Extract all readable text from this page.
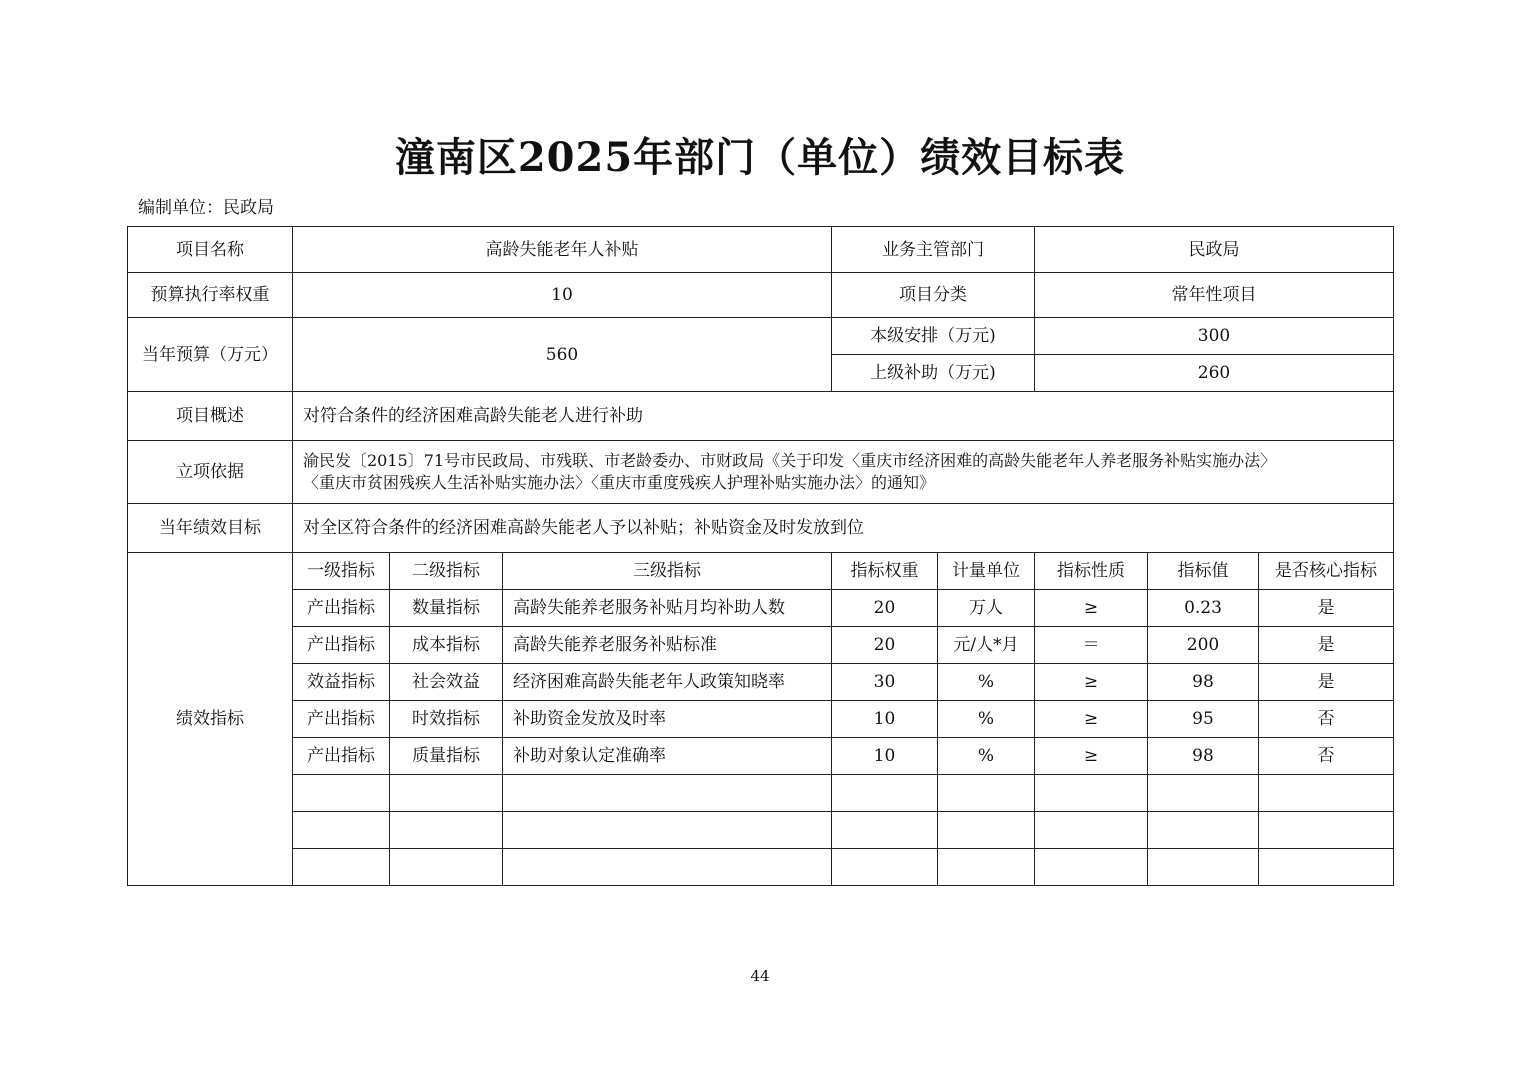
潼南区2025年部门（单位）绩效目标表
编制单位：民政局
项目名称	高龄失能老年人补贴			业务主管部门		民政局		
预算执行率权重	10			项目分类		常年性项目		
当年预算（万元）	560			本级安排（万元)		300		
				上级补助（万元)		260		
项目概述	对符合条件的经济困难高龄失能老人进行补助							
立项依据	渝民发〔2015〕71号市民政局、市残联、市老龄委办、市财政局《关于印发〈重庆市经济困难的高龄失能老年人养老服务补贴实施办法〉
〈重庆市贫困残疾人生活补贴实施办法〉〈重庆市重度残疾人护理补贴实施办法〉的通知》							

当年绩效目标	对全区符合条件的经济困难高龄失能老人予以补贴；补贴资金及时发放到位							
绩效指标	一级指标	二级指标	三级指标	指标权重	计量单位	指标性质	指标值	是否核心指标
	产出指标	数量指标	高龄失能养老服务补贴月均补助人数	20	万人	≥	0.23	是
	产出指标	成本指标	高龄失能养老服务补贴标准	20	元/人*月	＝	200	是
	效益指标	社会效益	经济困难高龄失能老年人政策知晓率	30	%	≥	98	是
	产出指标	时效指标	补助资金发放及时率	10	%	≥	95	否
	产出指标	质量指标	补助对象认定准确率	10	%	≥	98	否

44
